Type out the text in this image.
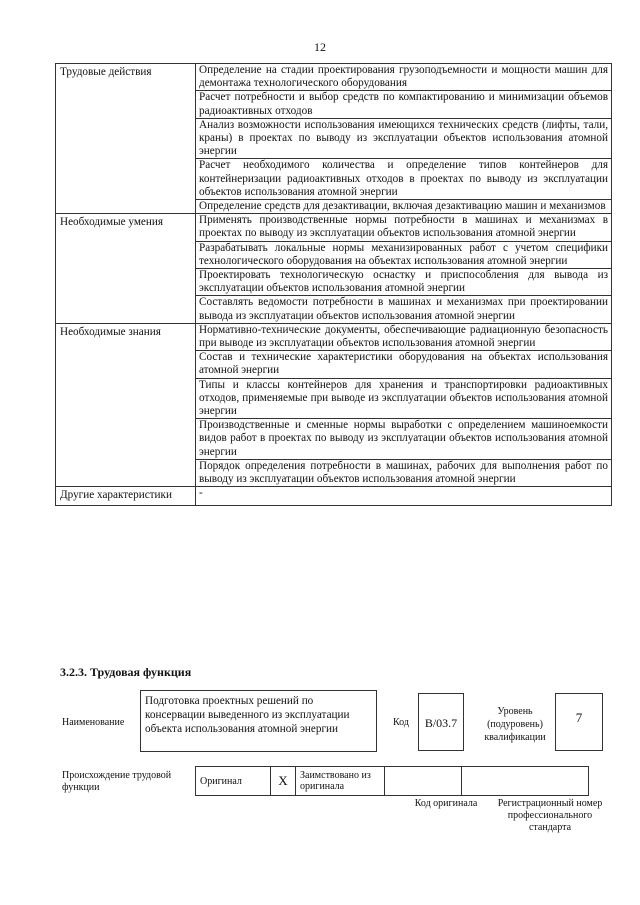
12
Трудовые действия	Определение на стадии проектирования грузоподъемности и мощности машин для демонтажа технологического оборудования
	Расчет потребности и выбор средств по компактированию и минимизации объемов радиоактивных отходов
	Анализ возможности использования имеющихся технических средств (лифты, тали, краны) в проектах по выводу из эксплуатации объектов использования атомной энергии
	Расчет необходимого количества и определение типов контейнеров для контейнеризации радиоактивных отходов в проектах по выводу из эксплуатации объектов использования атомной энергии
	Определение средств для дезактивации, включая дезактивацию машин и механизмов
Необходимые умения	Применять производственные нормы потребности в машинах и механизмах в проектах по выводу из эксплуатации объектов использования атомной энергии
	Разрабатывать локальные нормы механизированных работ с учетом специфики технологического оборудования на объектах использования атомной энергии
	Проектировать технологическую оснастку и приспособления для вывода из эксплуатации объектов использования атомной энергии
	Составлять ведомости потребности в машинах и механизмах при проектировании вывода из эксплуатации объектов использования атомной энергии
Необходимые знания	Нормативно-технические документы, обеспечивающие радиационную безопасность при выводе из эксплуатации объектов использования атомной энергии
	Состав и технические характеристики оборудования на объектах использования атомной энергии
	Типы и классы контейнеров для хранения и транспортировки радиоактивных отходов, применяемые при выводе из эксплуатации объектов использования атомной энергии
	Производственные и сменные нормы выработки с определением машиноемкости видов работ в проектах по выводу из эксплуатации объектов использования атомной энергии
	Порядок определения потребности в машинах, рабочих для выполнения работ по выводу из эксплуатации объектов использования атомной энергии
Другие характеристики	-
3.2.3. Трудовая функция
Наименование
Подготовка проектных решений по консервации выведенного из эксплуатации объекта использования атомной энергии
Код	В/03.7
Уровень (подуровень) квалификации
7
Происхождение трудовой функции
Оригинал	X	Заимствовано из оригинала		
Код оригинала	Регистрационный номер профессионального стандарта
